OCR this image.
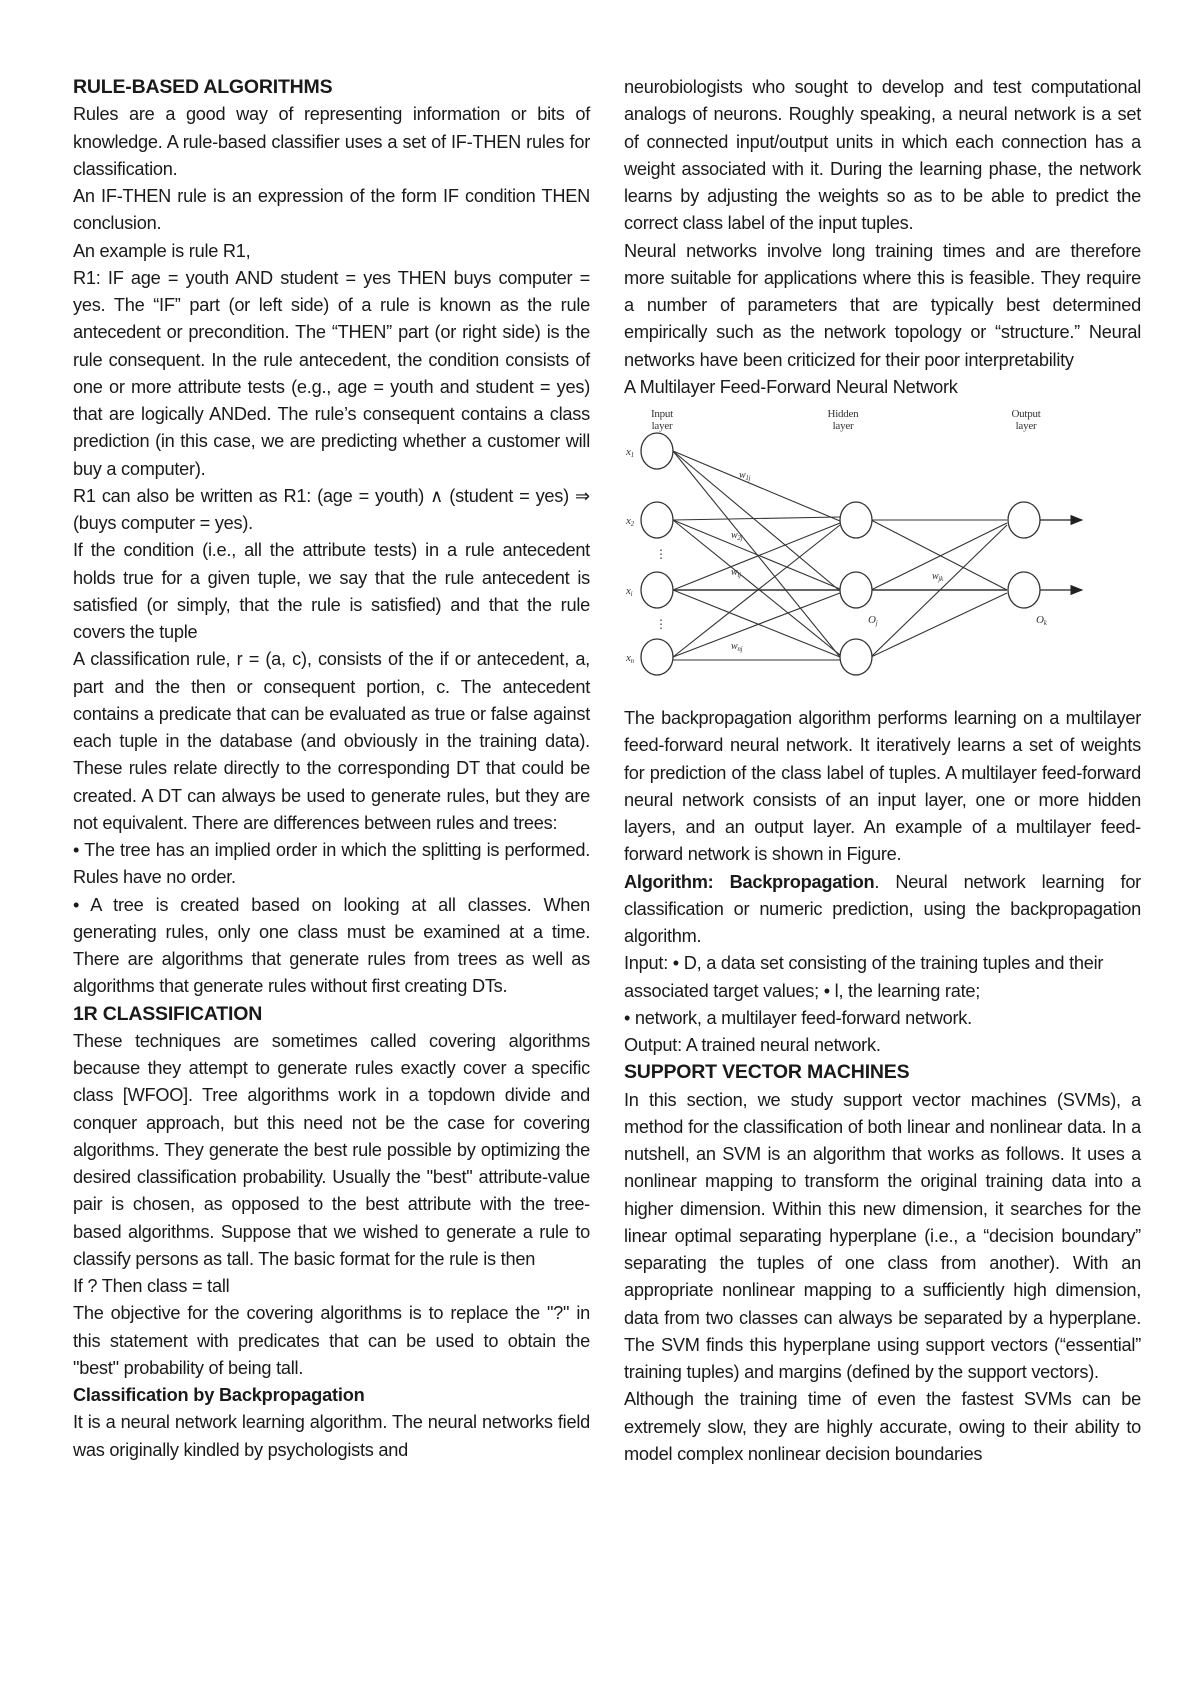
RULE-BASED ALGORITHMS

Rules are a good way of representing information or bits of knowledge. A rule-based classifier uses a set of IF-THEN rules for classification.

An IF-THEN rule is an expression of the form IF condition THEN conclusion.

An example is rule R1,

R1: IF age = youth AND student = yes THEN buys computer = yes. The “IF” part (or left side) of a rule is known as the rule antecedent or precondition. The “THEN” part (or right side) is the rule consequent. In the rule antecedent, the condition consists of one or more attribute tests (e.g., age = youth and student = yes) that are logically ANDed. The rule’s consequent contains a class prediction (in this case, we are predicting whether a customer will buy a computer).

R1 can also be written as R1: (age = youth) ∧ (student = yes) ⇒ (buys computer = yes).

If the condition (i.e., all the attribute tests) in a rule antecedent holds true for a given tuple, we say that the rule antecedent is satisfied (or simply, that the rule is satisfied) and that the rule covers the tuple

A classification rule, r = (a, c), consists of the if or antecedent, a, part and the then or consequent portion, c. The antecedent contains a predicate that can be evaluated as true or false against each tuple in the database (and obviously in the training data). These rules relate directly to the corresponding DT that could be created. A DT can always be used to generate rules, but they are not equivalent. There are differences between rules and trees:

• The tree has an implied order in which the splitting is performed. Rules have no order.

• A tree is created based on looking at all classes. When generating rules, only one class must be examined at a time. There are algorithms that generate rules from trees as well as algorithms that generate rules without first creating DTs.

1R CLASSIFICATION

These techniques are sometimes called covering algorithms because they attempt to generate rules exactly cover a specific class [WFOO]. Tree algorithms work in a topdown divide and conquer approach, but this need not be the case for covering algorithms. They generate the best rule possible by optimizing the desired classification probability. Usually the "best" attribute-value pair is chosen, as opposed to the best attribute with the tree-based algorithms. Suppose that we wished to generate a rule to classify persons as tall. The basic format for the rule is then

If ? Then class = tall

The objective for the covering algorithms is to replace the "?" in this statement with predicates that can be used to obtain the "best" probability of being tall.

Classification by Backpropagation

It is a neural network learning algorithm. The neural networks field was originally kindled by psychologists and

neurobiologists who sought to develop and test computational analogs of neurons. Roughly speaking, a neural network is a set of connected input/output units in which each connection has a weight associated with it. During the learning phase, the network learns by adjusting the weights so as to be able to predict the correct class label of the input tuples.

Neural networks involve long training times and are therefore more suitable for applications where this is feasible. They require a number of parameters that are typically best determined empirically such as the network topology or “structure.” Neural networks have been criticized for their poor interpretability

A Multilayer Feed-Forward Neural Network

Input
layer
Hidden
layer
Output
layer
⋮
⋮
x1
x2
xi
xn
$w_{1j}$
$w_{2j}$
$w_{ij}$
$w_{nj}$
$w_{jk}$
Oj	Ok

The backpropagation algorithm performs learning on a multilayer feed-forward neural network. It iteratively learns a set of weights for prediction of the class label of tuples. A multilayer feed-forward neural network consists of an input layer, one or more hidden layers, and an output layer. An example of a multilayer feed-forward network is shown in Figure.

Algorithm: Backpropagation. Neural network learning for classification or numeric prediction, using the backpropagation algorithm.

Input: • D, a data set consisting of the training tuples and their associated target values; • l, the learning rate;

• network, a multilayer feed-forward network.

Output: A trained neural network.

SUPPORT VECTOR MACHINES

In this section, we study support vector machines (SVMs), a method for the classification of both linear and nonlinear data. In a nutshell, an SVM is an algorithm that works as follows. It uses a nonlinear mapping to transform the original training data into a higher dimension. Within this new dimension, it searches for the linear optimal separating hyperplane (i.e., a “decision boundary” separating the tuples of one class from another). With an appropriate nonlinear mapping to a sufficiently high dimension, data from two classes can always be separated by a hyperplane. The SVM finds this hyperplane using support vectors (“essential” training tuples) and margins (defined by the support vectors).

Although the training time of even the fastest SVMs can be extremely slow, they are highly accurate, owing to their ability to model complex nonlinear decision boundaries
